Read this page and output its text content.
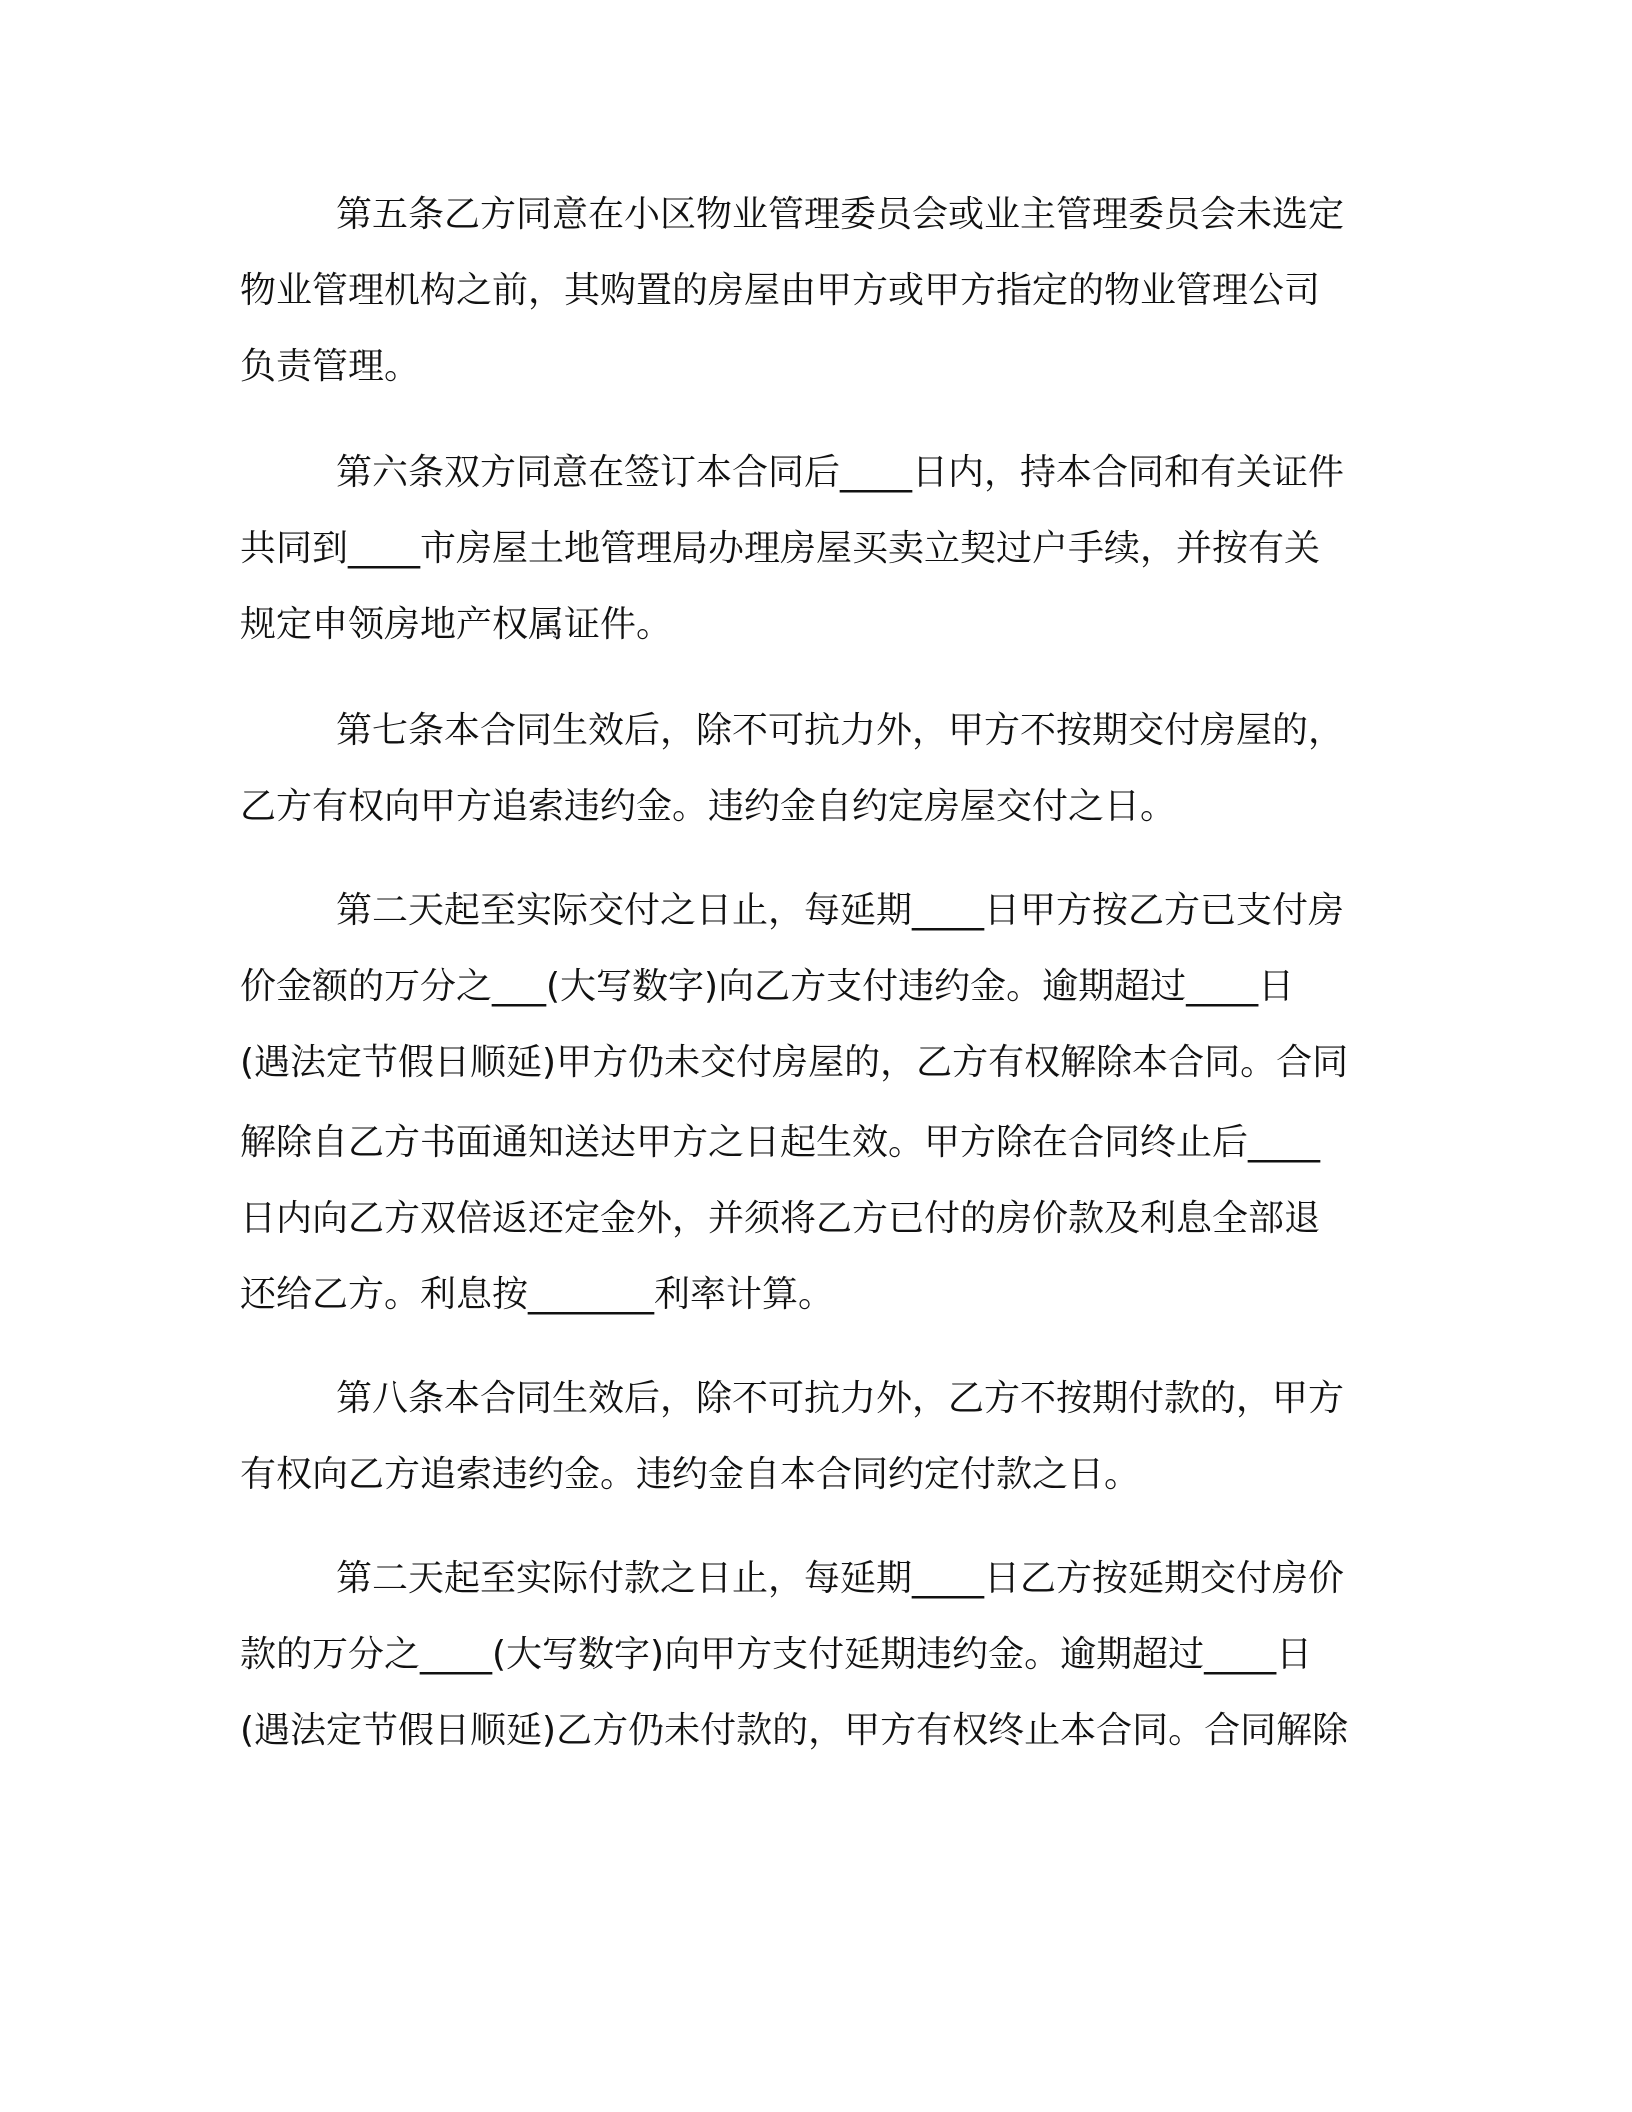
第五条乙方同意在小区物业管理委员会或业主管理委员会未选定
物业管理机构之前，其购置的房屋由甲方或甲方指定的物业管理公司
负责管理。
第六条双方同意在签订本合同后____日内，持本合同和有关证件
共同到____市房屋土地管理局办理房屋买卖立契过户手续，并按有关
规定申领房地产权属证件。
第七条本合同生效后，除不可抗力外，甲方不按期交付房屋的，
乙方有权向甲方追索违约金。违约金自约定房屋交付之日。
第二天起至实际交付之日止，每延期____日甲方按乙方已支付房
价金额的万分之___(大写数字)向乙方支付违约金。逾期超过____日
(遇法定节假日顺延)甲方仍未交付房屋的，乙方有权解除本合同。合同
解除自乙方书面通知送达甲方之日起生效。甲方除在合同终止后____
日内向乙方双倍返还定金外，并须将乙方已付的房价款及利息全部退
还给乙方。利息按_______利率计算。
第八条本合同生效后，除不可抗力外，乙方不按期付款的，甲方
有权向乙方追索违约金。违约金自本合同约定付款之日。
第二天起至实际付款之日止，每延期____日乙方按延期交付房价
款的万分之____(大写数字)向甲方支付延期违约金。逾期超过____日
(遇法定节假日顺延)乙方仍未付款的，甲方有权终止本合同。合同解除
